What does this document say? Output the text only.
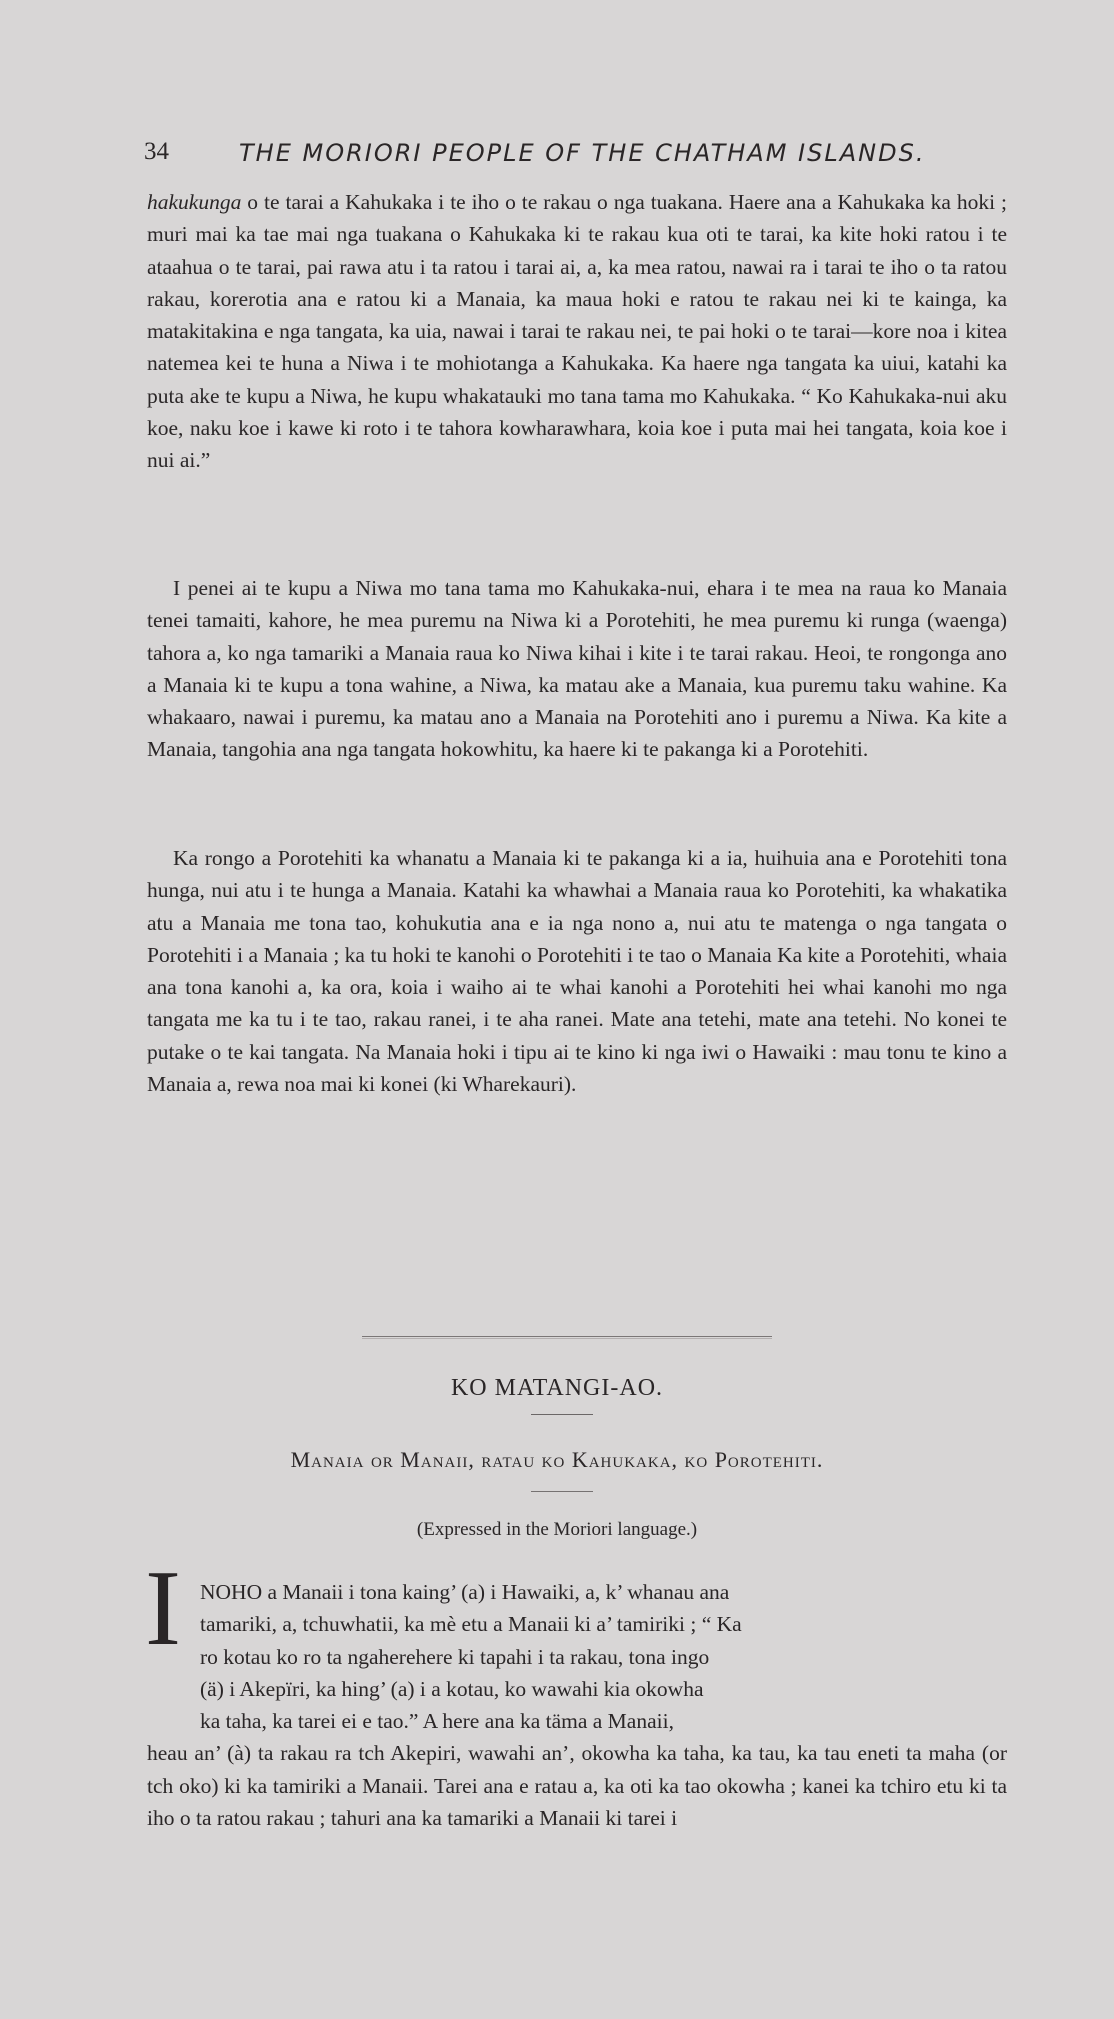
34	THE MORIORI PEOPLE OF THE CHATHAM ISLANDS.

hakukunga o te tarai a Kahukaka i te iho o te rakau o nga tuakana. Haere ana a Kahukaka ka hoki ; muri mai ka tae mai nga tuakana o Kahukaka ki te rakau kua oti te tarai, ka kite hoki ratou i te ataahua o te tarai, pai rawa atu i ta ratou i tarai ai, a, ka mea ratou, nawai ra i tarai te iho o ta ratou rakau, korerotia ana e ratou ki a Manaia, ka maua hoki e ratou te rakau nei ki te kainga, ka matakitakina e nga tangata, ka uia, nawai i tarai te rakau nei, te pai hoki o te tarai—kore noa i kitea natemea kei te huna a Niwa i te mohiotanga a Kahukaka. Ka haere nga tangata ka uiui, katahi ka puta ake te kupu a Niwa, he kupu whakatauki mo tana tama mo Kahukaka. “ Ko Kahukaka-nui aku koe, naku koe i kawe ki roto i te tahora kowharawhara, koia koe i puta mai hei tangata, koia koe i nui ai.”

I penei ai te kupu a Niwa mo tana tama mo Kahukaka-nui, ehara i te mea na raua ko Manaia tenei tamaiti, kahore, he mea puremu na Niwa ki a Porotehiti, he mea puremu ki runga (waenga) tahora a, ko nga tamariki a Manaia raua ko Niwa kihai i kite i te tarai rakau. Heoi, te rongonga ano a Manaia ki te kupu a tona wahine, a Niwa, ka matau ake a Manaia, kua puremu taku wahine. Ka whakaaro, nawai i puremu, ka matau ano a Manaia na Porotehiti ano i puremu a Niwa. Ka kite a Manaia, tangohia ana nga tangata hokowhitu, ka haere ki te pakanga ki a Porotehiti.

Ka rongo a Porotehiti ka whanatu a Manaia ki te pakanga ki a ia, huihuia ana e Porotehiti tona hunga, nui atu i te hunga a Manaia. Katahi ka whawhai a Manaia raua ko Porotehiti, ka whakatika atu a Manaia me tona tao, kohukutia ana e ia nga nono a, nui atu te matenga o nga tangata o Porotehiti i a Manaia ; ka tu hoki te kanohi o Porotehiti i te tao o Manaia Ka kite a Porotehiti, whaia ana tona kanohi a, ka ora, koia i waiho ai te whai kanohi a Porotehiti hei whai kanohi mo nga tangata me ka tu i te tao, rakau ranei, i te aha ranei. Mate ana tetehi, mate ana tetehi. No konei te putake o te kai tangata. Na Manaia hoki i tipu ai te kino ki nga iwi o Hawaiki : mau tonu te kino a Manaia a, rewa noa mai ki konei (ki Wharekauri).

KO MATANGI-AO.
Manaia or Manaii, ratau ko Kahukaka, ko Porotehiti.
(Expressed in the Moriori language.)
I NOHO a Manaii i tona kaing’ (a) i Hawaiki, a, k’ whanau ana
tamariki, a, tchuwhatii, ka mè etu a Manaii ki a’ tamiriki ; “ Ka
ro kotau ko ro ta ngaherehere ki tapahi i ta rakau, tona ingo
(ä) i Akepïri, ka hing’ (a) i a kotau, ko wawahi kia okowha
ka taha, ka tarei ei e tao.” A here ana ka täma a Manaii,
heau an’ (à) ta rakau ra tch Akepiri, wawahi an’, okowha ka taha, ka tau, ka tau eneti ta maha (or tch oko) ki ka tamiriki a Manaii. Tarei ana e ratau a, ka oti ka tao okowha ; kanei ka tchiro etu ki ta iho o ta ratou rakau ; tahuri ana ka tamariki a Manaii ki tarei i
